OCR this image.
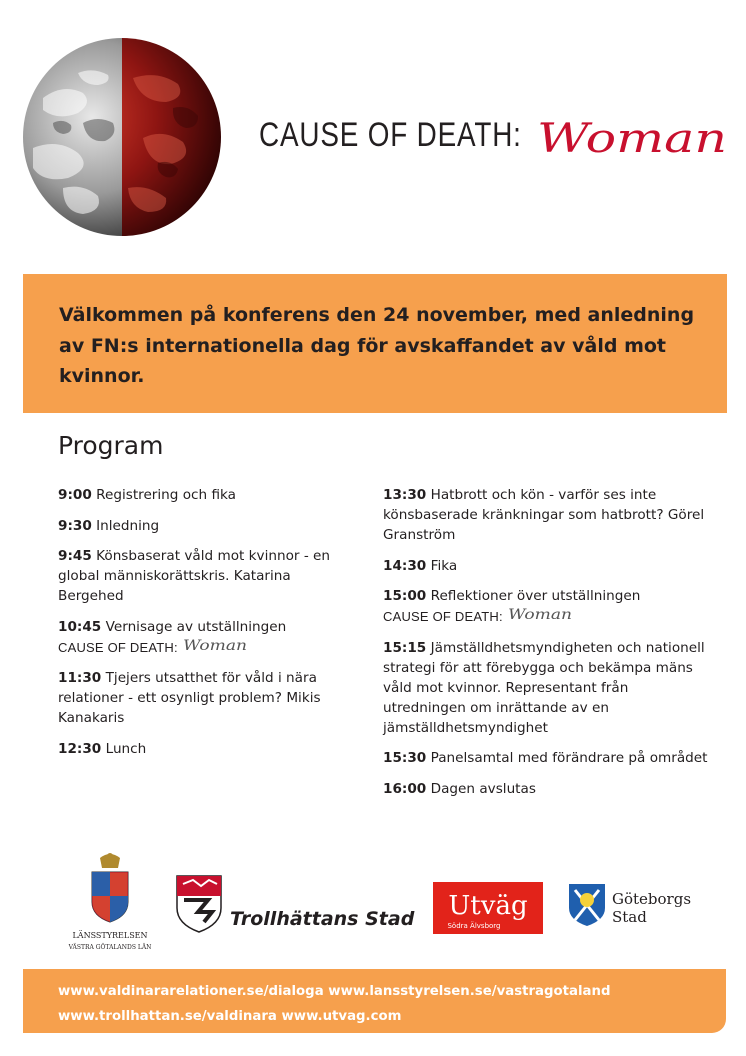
CAUSE OF DEATH: Woman

Välkommen på konferens den 24 november, med anledning av FN:s internationella dag för avskaffandet av våld mot kvinnor.

Program
9:00 Registrering och fika
9:30 Inledning
9:45 Könsbaserat våld mot kvinnor - en global människorättskris. Katarina Bergehed
10:45 Vernisage av utställningen
CAUSE OF DEATH: Woman
11:30 Tjejers utsatthet för våld i nära relationer - ett osynligt problem? Mikis Kanakaris
12:30 Lunch
13:30 Hatbrott och kön - varför ses inte könsbaserade kränkningar som hatbrott? Görel Granström
14:30 Fika
15:00 Reflektioner över utställningen
CAUSE OF DEATH: Woman
15:15 Jämställdhetsmyndigheten och nationell strategi för att förebygga och bekämpa mäns våld mot kvinnor. Representant från utredningen om inrättande av en jämställdhetsmyndighet
15:30 Panelsamtal med förändrare på området
16:00 Dagen avslutas
LÄNSSTYRELSEN
VÄSTRA GÖTALANDS LÄN
Trollhättans Stad Utväg
Södra Älvsborg
Göteborgs
Stad
www.valdinararelationer.se/dialoga www.lansstyrelsen.se/vastragotaland
www.trollhattan.se/valdinara www.utvag.com
